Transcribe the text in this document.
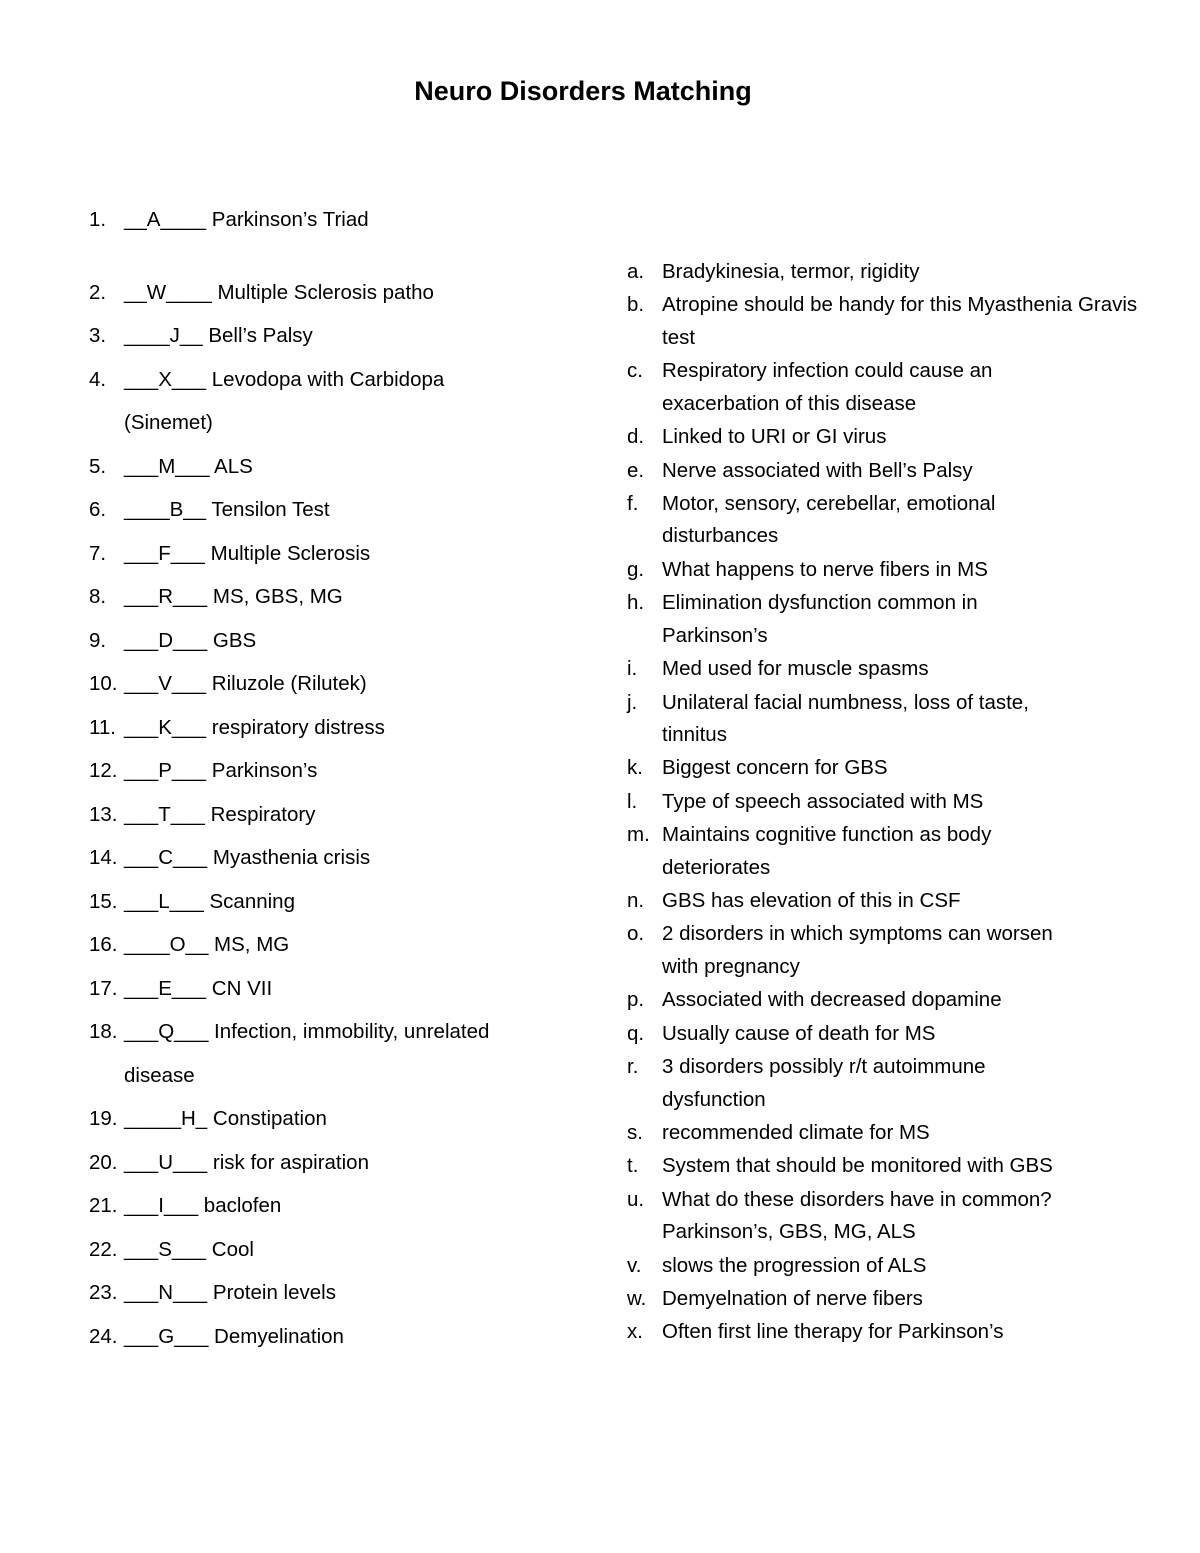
Neuro Disorders Matching
1. __A____ Parkinson’s Triad
2. __W____ Multiple Sclerosis patho
3. ____J__ Bell’s Palsy
4. ___X___ Levodopa with Carbidopa (Sinemet)
5. ___M___ ALS
6. ____B__ Tensilon Test
7. ___F___ Multiple Sclerosis
8. ___R___ MS, GBS, MG
9. ___D___ GBS
10. ___V___ Riluzole (Rilutek)
11. ___K___ respiratory distress
12. ___P___ Parkinson’s
13. ___T___ Respiratory
14. ___C___ Myasthenia crisis
15. ___L___ Scanning
16. ____O__ MS, MG
17. ___E___ CN VII
18. ___Q___ Infection, immobility, unrelated disease
19. _____H_ Constipation
20. ___U___ risk for aspiration
21. ___I___ baclofen
22. ___S___ Cool
23. ___N___ Protein levels
24. ___G___ Demyelination
a. Bradykinesia, termor, rigidity
b. Atropine should be handy for this Myasthenia Gravis test
c. Respiratory infection could cause an exacerbation of this disease
d. Linked to URI or GI virus
e. Nerve associated with Bell’s Palsy
f.	Motor, sensory, cerebellar, emotional disturbances
g. What happens to nerve fibers in MS
h. Elimination dysfunction common in Parkinson’s
i.	Med used for muscle spasms
j.	Unilateral facial numbness, loss of taste, tinnitus
k. Biggest concern for GBS
l.	Type of speech associated with MS
m. Maintains cognitive function as body deteriorates
n. GBS has elevation of this in CSF
o. 2 disorders in which symptoms can worsen with pregnancy
p. Associated with decreased dopamine
q. Usually cause of death for MS
r.	3 disorders possibly r/t autoimmune dysfunction
s. recommended climate for MS
t.	System that should be monitored with GBS
u. What do these disorders have in common? Parkinson’s, GBS, MG, ALS
v.	slows the progression of ALS
w. Demyelnation of nerve fibers
x. Often first line therapy for Parkinson’s
